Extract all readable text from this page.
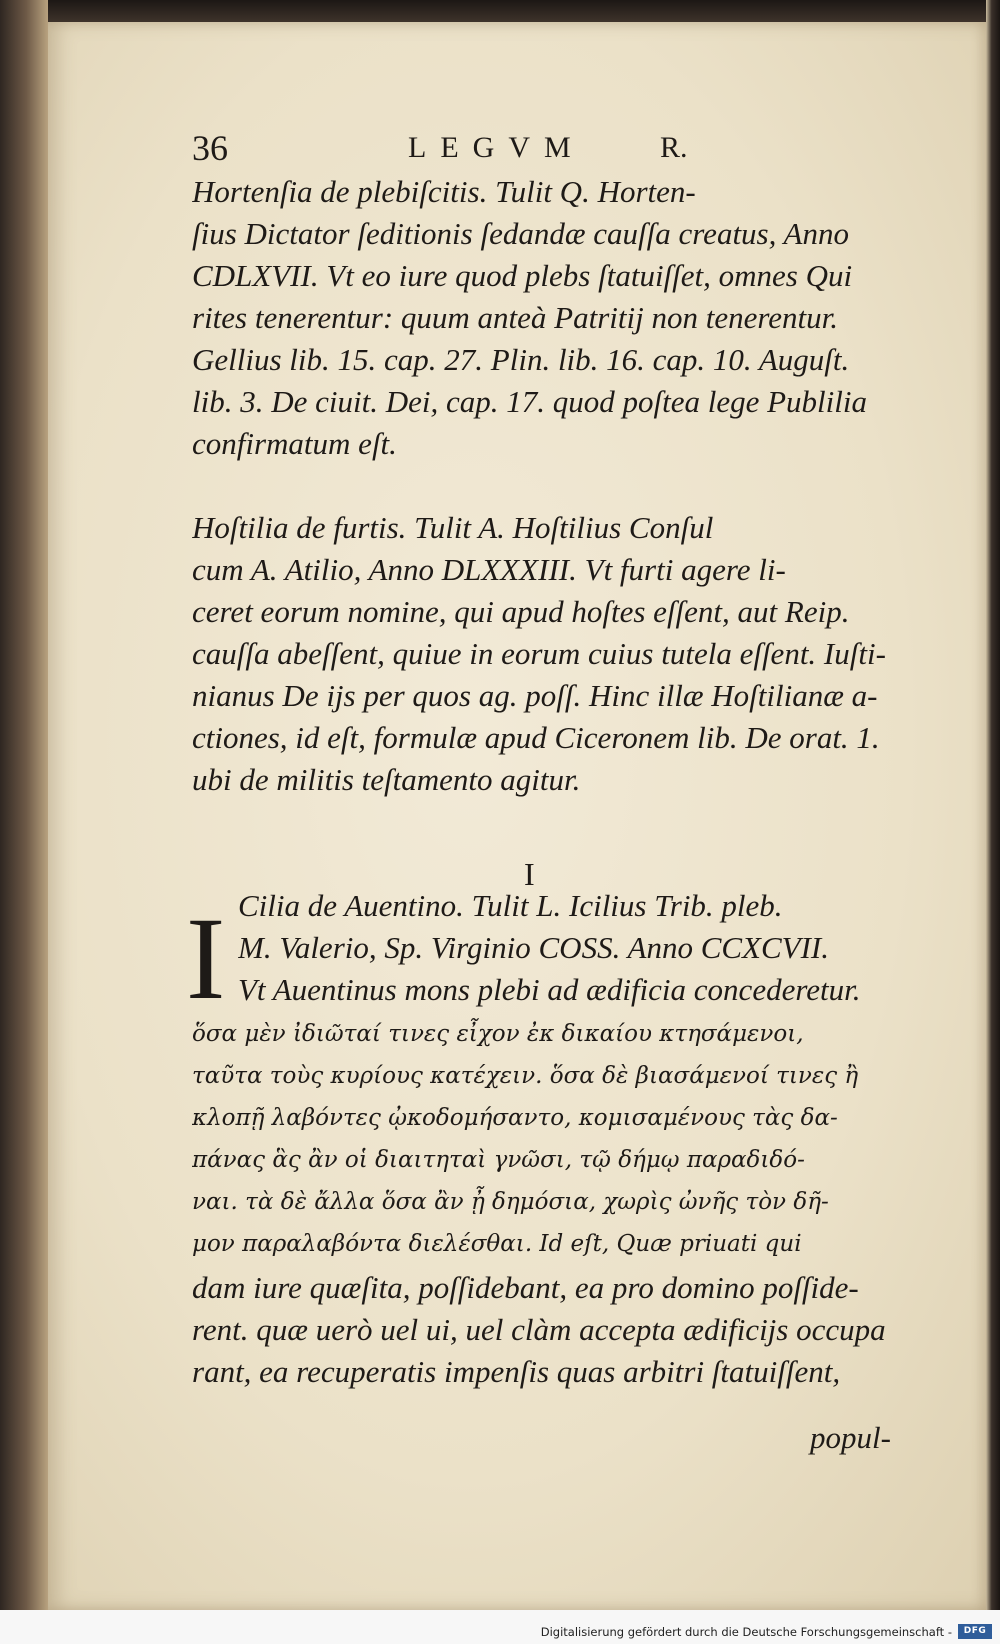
36	LEGVM	R.
Hortenſia de plebiſcitis. Tulit Q. Horten-
ſius Dictator ſeditionis ſedandæ cauſſa creatus, Anno
CDLXVII. Vt eo iure quod plebs ſtatuiſſet, omnes Qui
rites tenerentur: quum anteà Patritij non tenerentur.
Gellius lib. 15. cap. 27. Plin. lib. 16. cap. 10. Auguſt.
lib. 3. De ciuit. Dei, cap. 17. quod poſtea lege Publilia
confirmatum eſt.
Hoſtilia de furtis. Tulit A. Hoſtilius Conſul
cum A. Atilio, Anno DLXXXIII. Vt furti agere li-
ceret eorum nomine, qui apud hoſtes eſſent, aut Reip.
cauſſa abeſſent, quiue in eorum cuius tutela eſſent. Iuſti-
nianus De ijs per quos ag. poſſ. Hinc illæ Hoſtilianæ a-
ctiones, id eſt, formulæ apud Ciceronem lib. De orat. 1.
ubi de militis teſtamento agitur.
I
I Cilia de Auentino. Tulit L. Icilius Trib. pleb.
M. Valerio, Sp. Virginio COSS. Anno CCXCVII.
Vt Auentinus mons plebi ad ædificia concederetur.
ὅσα μὲν ἰδιῶταί τινες εἶχον ἐκ δικαίου κτησάμενοι,
ταῦτα τοὺς κυρίους κατέχειν. ὅσα δὲ βιασάμενοί τινες ἢ
κλοπῇ λαβόντες ᾠκοδομήσαντο, κομισαμένους τὰς δα-
πάνας ἃς ἂν οἱ διαιτηταὶ γνῶσι, τῷ δήμῳ παραδιδό-
ναι. τὰ δὲ ἄλλα ὅσα ἂν ᾖ δημόσια, χωρὶς ὠνῆς τὸν δῆ-
μον παραλαβόντα διελέσθαι. Id eſt, Quæ priuati qui
dam iure quæſita, poſſidebant, ea pro domino poſſide-
rent. quæ uerò uel ui, uel clàm accepta ædificijs occupa
rant, ea recuperatis impenſis quas arbitri ſtatuiſſent,
popul-
Digitalisierung gefördert durch die Deutsche Forschungsgemeinschaft -	DFG
